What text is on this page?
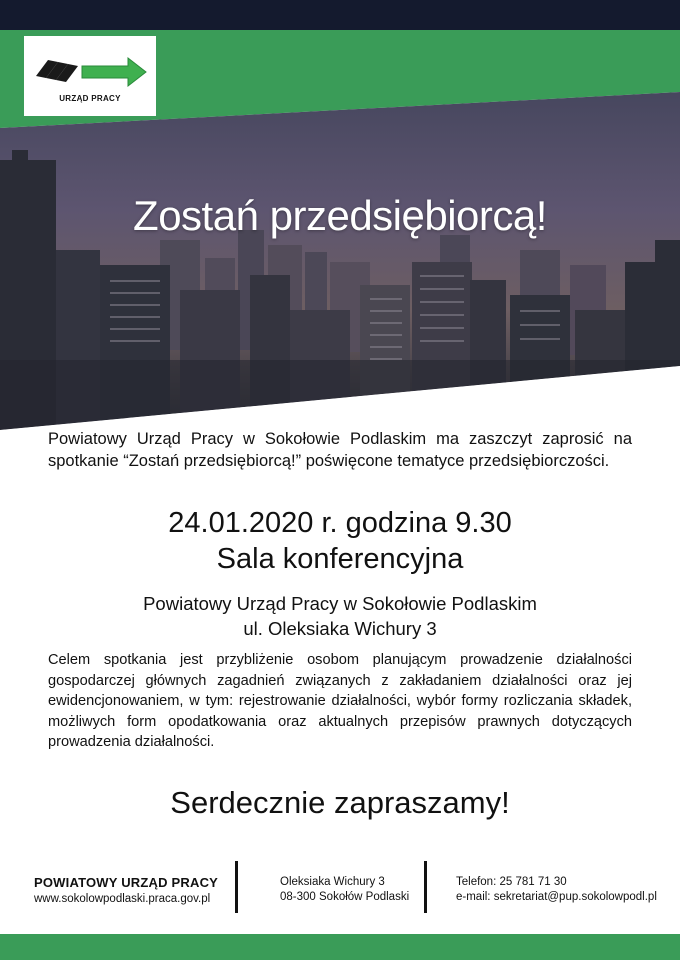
URZĄD PRACY
Zostań przedsiębiorcą!
Powiatowy Urząd Pracy w Sokołowie Podlaskim ma zaszczyt zaprosić na spotkanie “Zostań przedsiębiorcą!” poświęcone tematyce przedsiębiorczości.
24.01.2020 r. godzina 9.30
Sala konferencyjna
Powiatowy Urząd Pracy w Sokołowie Podlaskim
ul. Oleksiaka Wichury 3
Celem spotkania jest przybliżenie osobom planującym prowadzenie działalności gospodarczej głównych zagadnień związanych z zakładaniem działalności oraz jej ewidencjonowaniem, w tym: rejestrowanie działalności, wybór formy rozliczania składek, możliwych form opodatkowania oraz aktualnych przepisów prawnych dotyczących prowadzenia działalności.
Serdecznie zapraszamy!
POWIATOWY URZĄD PRACY
www.sokolowpodlaski.praca.gov.pl
Oleksiaka Wichury 3
08-300 Sokołów Podlaski
Telefon: 25 781 71 30
e-mail: sekretariat@pup.sokolowpodl.pl
